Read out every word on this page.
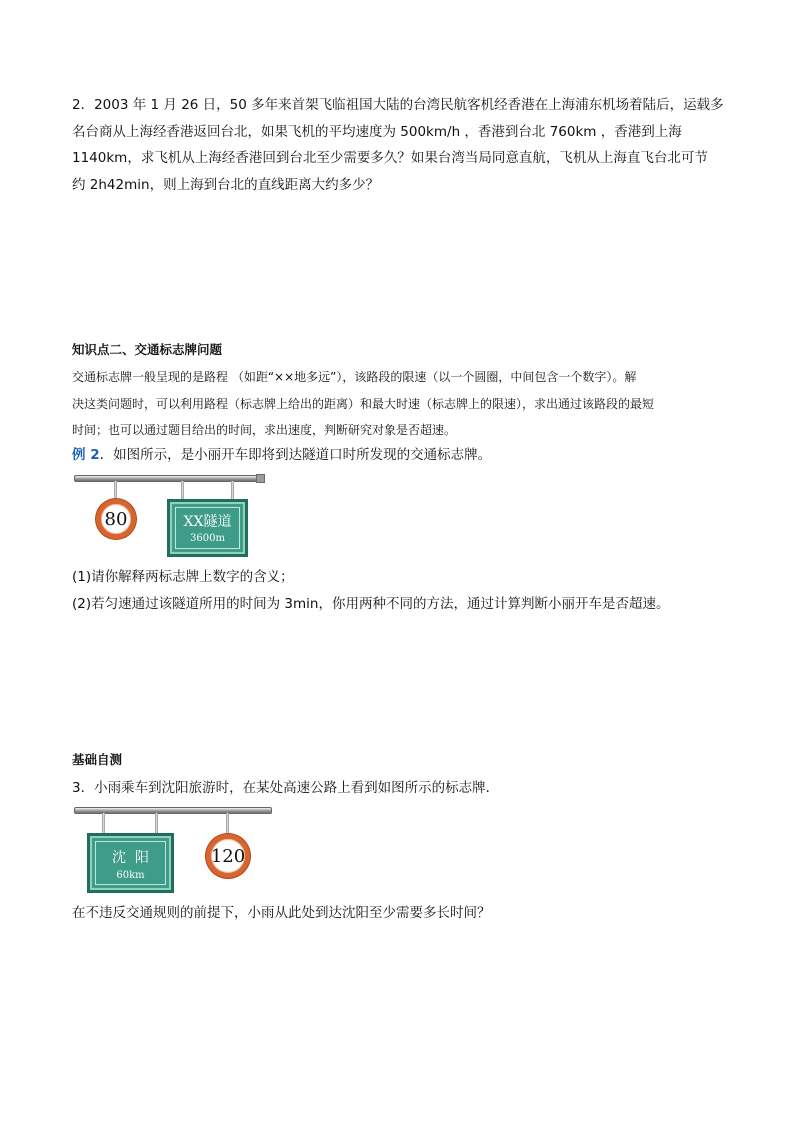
2．2003 年 1 月 26 日，50 多年来首架飞临祖国大陆的台湾民航客机经香港在上海浦东机场着陆后，运载多
名台商从上海经香港返回台北，如果飞机的平均速度为 500km/h ，香港到台北 760km ，香港到上海
1140km，求飞机从上海经香港回到台北至少需要多久？如果台湾当局同意直航，飞机从上海直飞台北可节
约 2h42min，则上海到台北的直线距离大约多少？
知识点二、交通标志牌问题
交通标志牌一般呈现的是路程 （如距“××地多远”），该路段的限速（以一个圆圈，中间包含一个数字）。解
决这类问题时，可以利用路程（标志牌上给出的距离）和最大时速（标志牌上的限速），求出通过该路段的最短
时间；也可以通过题目给出的时间，求出速度，判断研究对象是否超速。
例 2．如图所示，是小丽开车即将到达隧道口时所发现的交通标志牌。
80	XX隧道
3600m
(1)请你解释两标志牌上数字的含义；
(2)若匀速通过该隧道所用的时间为 3min，你用两种不同的方法，通过计算判断小丽开车是否超速。
基础自测
3．小雨乘车到沈阳旅游时，在某处高速公路上看到如图所示的标志牌．
沈  阳
60km
120
在不违反交通规则的前提下，小雨从此处到达沈阳至少需要多长时间？
